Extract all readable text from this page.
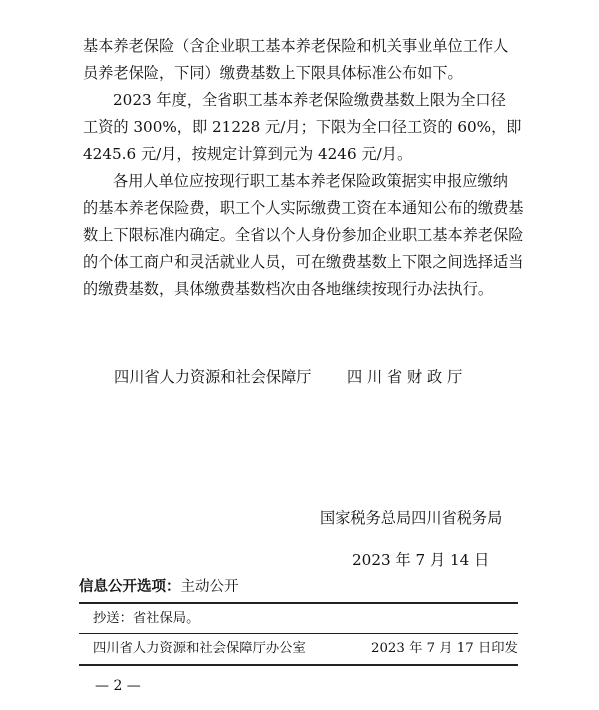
基本养老保险（含企业职工基本养老保险和机关事业单位工作人
员养老保险，下同）缴费基数上下限具体标准公布如下。
2023 年度，全省职工基本养老保险缴费基数上限为全口径
工资的 300%，即 21228 元/月；下限为全口径工资的 60%，即
4245.6 元/月，按规定计算到元为 4246 元/月。
各用人单位应按现行职工基本养老保险政策据实申报应缴纳
的基本养老保险费，职工个人实际缴费工资在本通知公布的缴费基
数上下限标准内确定。全省以个人身份参加企业职工基本养老保险
的个体工商户和灵活就业人员，可在缴费基数上下限之间选择适当
的缴费基数，具体缴费基数档次由各地继续按现行办法执行。
四川省人力资源和社会保障厅 四 川 省 财 政 厅
国家税务总局四川省税务局
2023 年 7 月 14 日
信息公开选项：主动公开
抄送：省社保局。
四川省人力资源和社会保障厅办公室	2023 年 7 月 17 日印发
— 2 —
